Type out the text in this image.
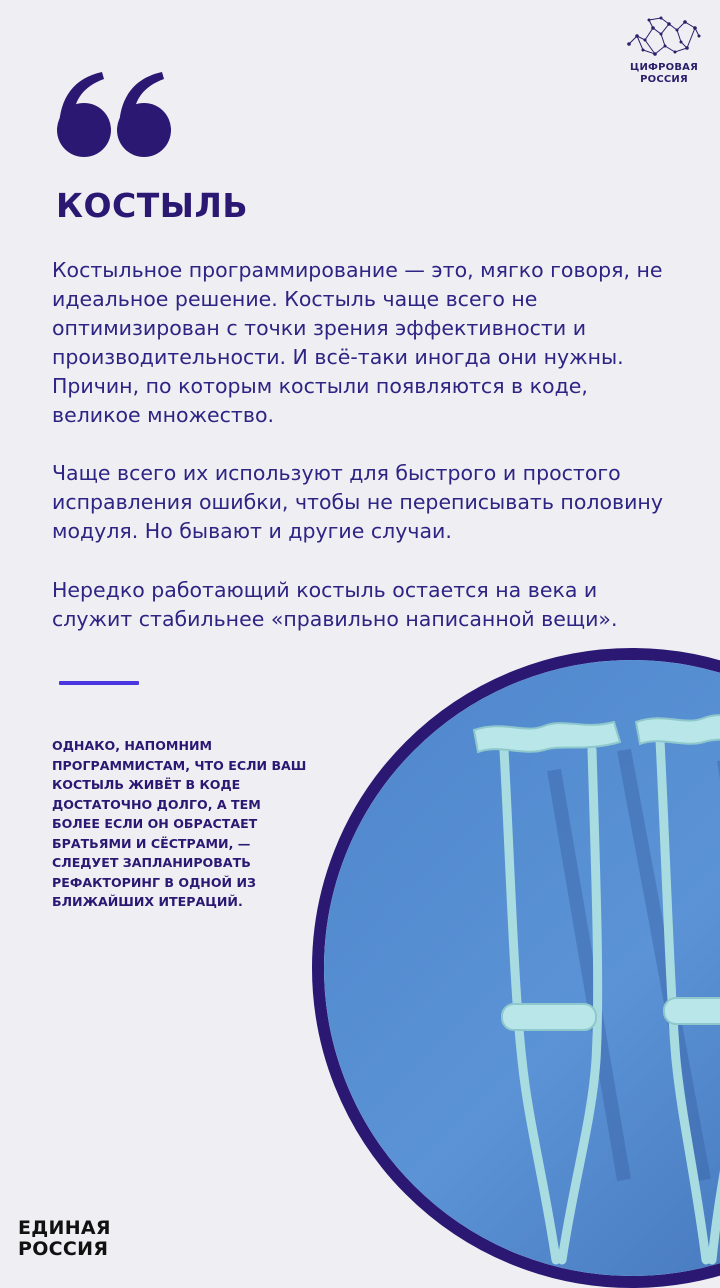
ЦИФРОВАЯ
РОССИЯ
КОСТЫЛЬ

Костыльное программирование — это, мягко говоря, не идеальное решение. Костыль чаще всего не оптимизирован с точки зрения эффективности и производительности. И всё-таки иногда они нужны. Причин, по которым костыли появляются в коде, великое множество.

Чаще всего их используют для быстрого и простого исправления ошибки, чтобы не переписывать половину модуля. Но бывают и другие случаи.

Нередко работающий костыль остается на века и служит стабильнее «правильно написанной вещи».

ОДНАКО, НАПОМНИМ ПРОГРАММИСТАМ, ЧТО ЕСЛИ ВАШ КОСТЫЛЬ ЖИВЁТ В КОДЕ ДОСТАТОЧНО ДОЛГО, А ТЕМ БОЛЕЕ ЕСЛИ ОН ОБРАСТАЕТ БРАТЬЯМИ И СЁСТРАМИ, — СЛЕДУЕТ ЗАПЛАНИРОВАТЬ РЕФАКТОРИНГ В ОДНОЙ ИЗ БЛИЖАЙШИХ ИТЕРАЦИЙ.

ЕДИНАЯ
РОССИЯ
